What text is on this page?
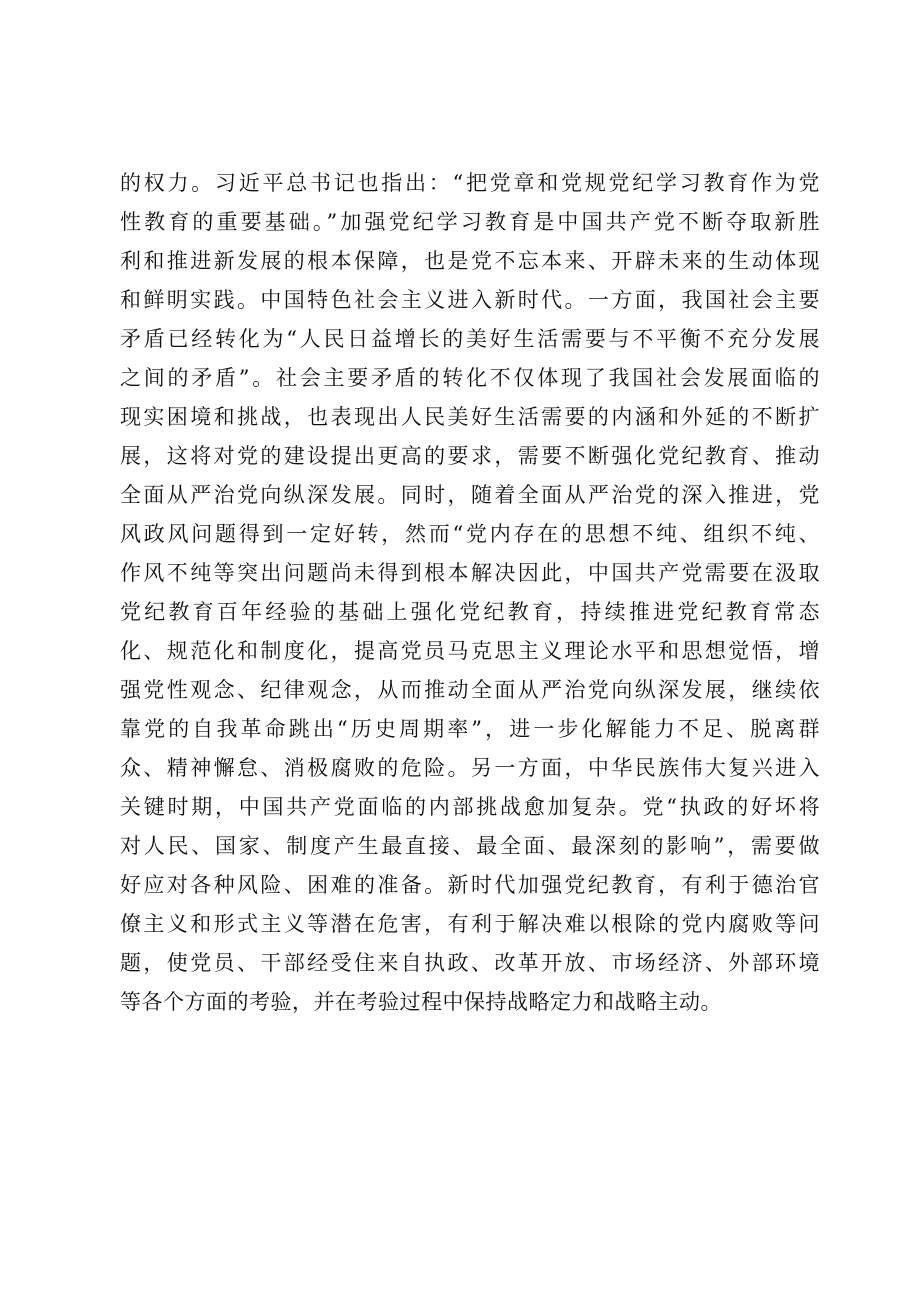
的权力。习近平总书记也指出：“把党章和党规党纪学习教育作为党
性教育的重要基础。”加强党纪学习教育是中国共产党不断夺取新胜
利和推进新发展的根本保障，也是党不忘本来、开辟未来的生动体现
和鲜明实践。中国特色社会主义进入新时代。一方面，我国社会主要
矛盾已经转化为“人民日益增长的美好生活需要与不平衡不充分发展
之间的矛盾”。社会主要矛盾的转化不仅体现了我国社会发展面临的
现实困境和挑战，也表现出人民美好生活需要的内涵和外延的不断扩
展，这将对党的建设提出更高的要求，需要不断强化党纪教育、推动
全面从严治党向纵深发展。同时，随着全面从严治党的深入推进，党
风政风问题得到一定好转，然而“党内存在的思想不纯、组织不纯、
作风不纯等突出问题尚未得到根本解决因此，中国共产党需要在汲取
党纪教育百年经验的基础上强化党纪教育，持续推进党纪教育常态
化、规范化和制度化，提高党员马克思主义理论水平和思想觉悟，增
强党性观念、纪律观念，从而推动全面从严治党向纵深发展，继续依
靠党的自我革命跳出“历史周期率”，进一步化解能力不足、脱离群
众、精神懈怠、消极腐败的危险。另一方面，中华民族伟大复兴进入
关键时期，中国共产党面临的内部挑战愈加复杂。党“执政的好坏将
对人民、国家、制度产生最直接、最全面、最深刻的影响”，需要做
好应对各种风险、困难的准备。新时代加强党纪教育，有利于德治官
僚主义和形式主义等潜在危害，有利于解决难以根除的党内腐败等问
题，使党员、干部经受住来自执政、改革开放、市场经济、外部环境
等各个方面的考验，并在考验过程中保持战略定力和战略主动。
